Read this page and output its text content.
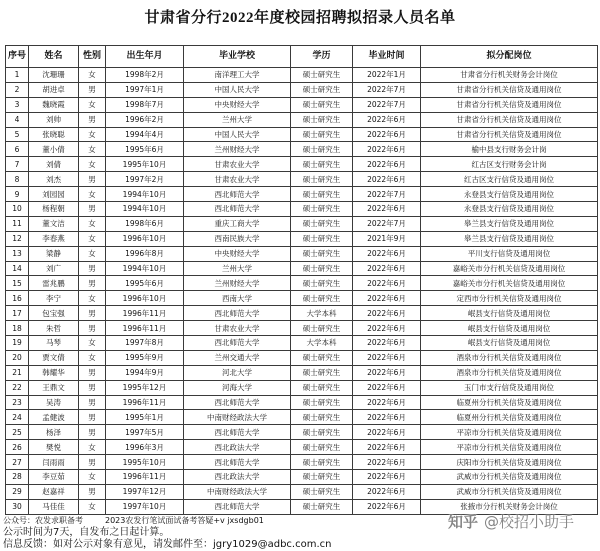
甘肃省分行2022年度校园招聘拟招录人员名单
序号	姓名	性别	出生年月	毕业学校	学历	毕业时间	拟分配岗位
1	沈珊珊	女	1998年2月	南洋理工大学	硕士研究生	2022年1月	甘肃省分行机关财务会计岗位
2	胡进卓	男	1997年1月	中国人民大学	硕士研究生	2022年7月	甘肃省分行机关信贷及通用岗位
3	魏晓霞	女	1998年7月	中央财经大学	硕士研究生	2022年7月	甘肃省分行机关信贷及通用岗位
4	刘帅	男	1996年2月	兰州大学	硕士研究生	2022年6月	甘肃省分行机关信贷及通用岗位
5	张晓聪	女	1994年4月	中国人民大学	硕士研究生	2022年6月	甘肃省分行机关信贷及通用岗位
6	董小倩	女	1995年6月	兰州财经大学	硕士研究生	2022年6月	榆中县支行财务会计岗
7	刘倩	女	1995年10月	甘肃农业大学	硕士研究生	2022年6月	红古区支行财务会计岗
8	刘杰	男	1997年2月	甘肃农业大学	硕士研究生	2022年6月	红古区支行信贷及通用岗位
9	刘园园	女	1994年10月	西北师范大学	硕士研究生	2022年7月	永登县支行信贷及通用岗位
10	杨程朝	男	1994年10月	西北师范大学	硕士研究生	2022年6月	永登县支行信贷及通用岗位
11	董文洁	女	1998年6月	重庆工商大学	硕士研究生	2022年7月	皋兰县支行信贷及通用岗位
12	李春燕	女	1996年10月	西南民族大学	硕士研究生	2021年9月	皋兰县支行信贷及通用岗位
13	梁静	女	1996年8月	中央财经大学	硕士研究生	2022年6月	平川支行信贷及通用岗位
14	刘广	男	1994年10月	兰州大学	硕士研究生	2022年6月	嘉峪关市分行机关信贷及通用岗位
15	雷兆鹏	男	1995年6月	兰州财经大学	硕士研究生	2022年6月	嘉峪关市分行机关信贷及通用岗位
16	李宁	女	1996年10月	西南大学	硕士研究生	2022年6月	定西市分行机关信贷及通用岗位
17	包宝强	男	1996年11月	西北师范大学	大学本科	2022年6月	岷县支行信贷及通用岗位
18	朱哲	男	1996年11月	甘肃农业大学	硕士研究生	2022年6月	岷县支行信贷及通用岗位
19	马琴	女	1997年8月	西北师范大学	大学本科	2022年6月	岷县支行信贷及通用岗位
20	贾文倩	女	1995年9月	兰州交通大学	硕士研究生	2022年6月	酒泉市分行机关信贷及通用岗位
21	韩耀华	男	1994年9月	河北大学	硕士研究生	2022年6月	酒泉市分行机关信贷及通用岗位
22	王鼎文	男	1995年12月	河海大学	硕士研究生	2022年6月	玉门市支行信贷及通用岗位
23	吴涛	男	1996年11月	西北师范大学	硕士研究生	2022年6月	临夏州分行机关信贷及通用岗位
24	孟健波	男	1995年1月	中南财经政法大学	硕士研究生	2022年6月	临夏州分行机关信贷及通用岗位
25	杨泽	男	1997年5月	西北师范大学	硕士研究生	2022年6月	平凉市分行机关信贷及通用岗位
26	樊悦	女	1996年3月	西北政法大学	硕士研究生	2022年6月	平凉市分行机关信贷及通用岗位
27	闫雨雨	男	1995年10月	西北师范大学	硕士研究生	2022年6月	庆阳市分行机关信贷及通用岗位
28	李豆茹	女	1996年11月	西北政法大学	硕士研究生	2022年6月	武威市分行机关信贷及通用岗位
29	赵嘉祥	男	1997年12月	中南财经政法大学	硕士研究生	2022年6月	武威市分行机关信贷及通用岗位
30	马佳佳	女	1997年10月	西北师范大学	硕士研究生	2022年6月	张掖市分行机关财务会计岗位
公众号：农发求职备考	2023农发行笔试面试备考答疑+v jxsdgb01
公示时间为7天，自发布之日起计算。
信息反馈：如对公示对象有意见，请发邮件至：jgry1029@adbc.com.cn
知乎 @校招小助手
